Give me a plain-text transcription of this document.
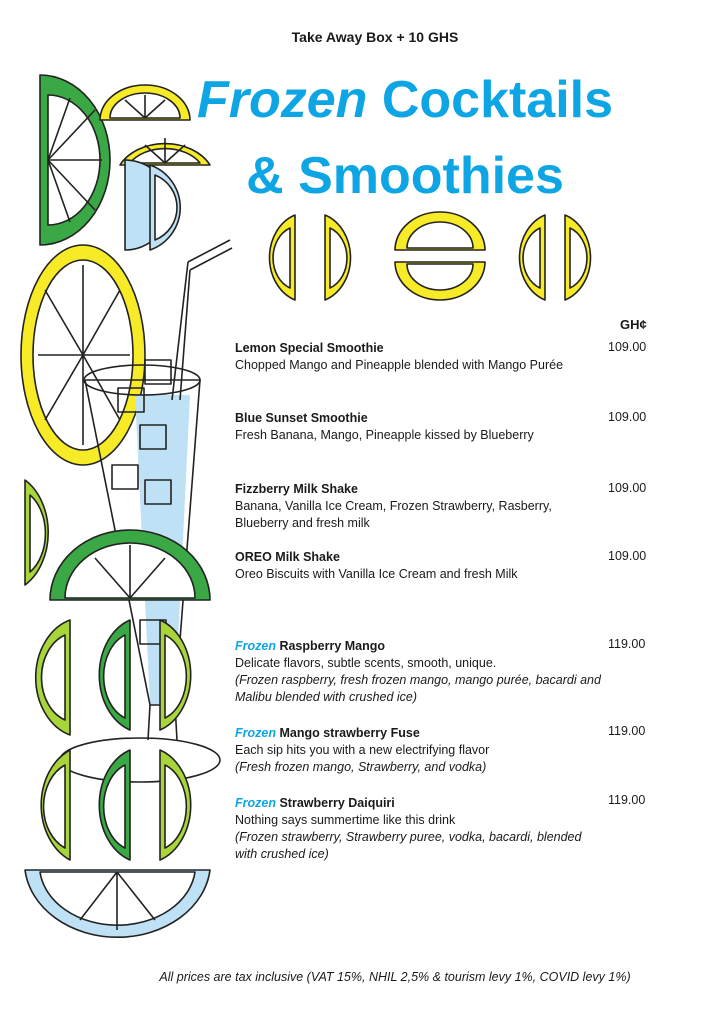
Take Away Box + 10 GHS
Frozen Cocktails
& Smoothies
GH¢
Lemon Special Smoothie
Chopped Mango and Pineapple blended with Mango Purée
109.00
Blue Sunset Smoothie
Fresh Banana, Mango, Pineapple kissed by Blueberry
109.00
Fizzberry Milk Shake
Banana, Vanilla Ice Cream, Frozen Strawberry, Rasberry, Blueberry and fresh milk
109.00
OREO Milk Shake
Oreo Biscuits with Vanilla Ice Cream and fresh Milk
109.00
Frozen Raspberry Mango
Delicate flavors, subtle scents, smooth, unique.
(Frozen raspberry, fresh frozen mango, mango purée, bacardi and Malibu blended with crushed ice)
119.00
Frozen Mango strawberry Fuse
Each sip hits you with a new electrifying flavor
(Fresh frozen mango, Strawberry, and vodka)
119.00
Frozen Strawberry Daiquiri
Nothing says summertime like this drink
(Frozen strawberry, Strawberry puree, vodka, bacardi, blended with crushed ice)
119.00
All prices are tax inclusive (VAT 15%, NHIL 2,5% & tourism levy 1%, COVID levy 1%)
